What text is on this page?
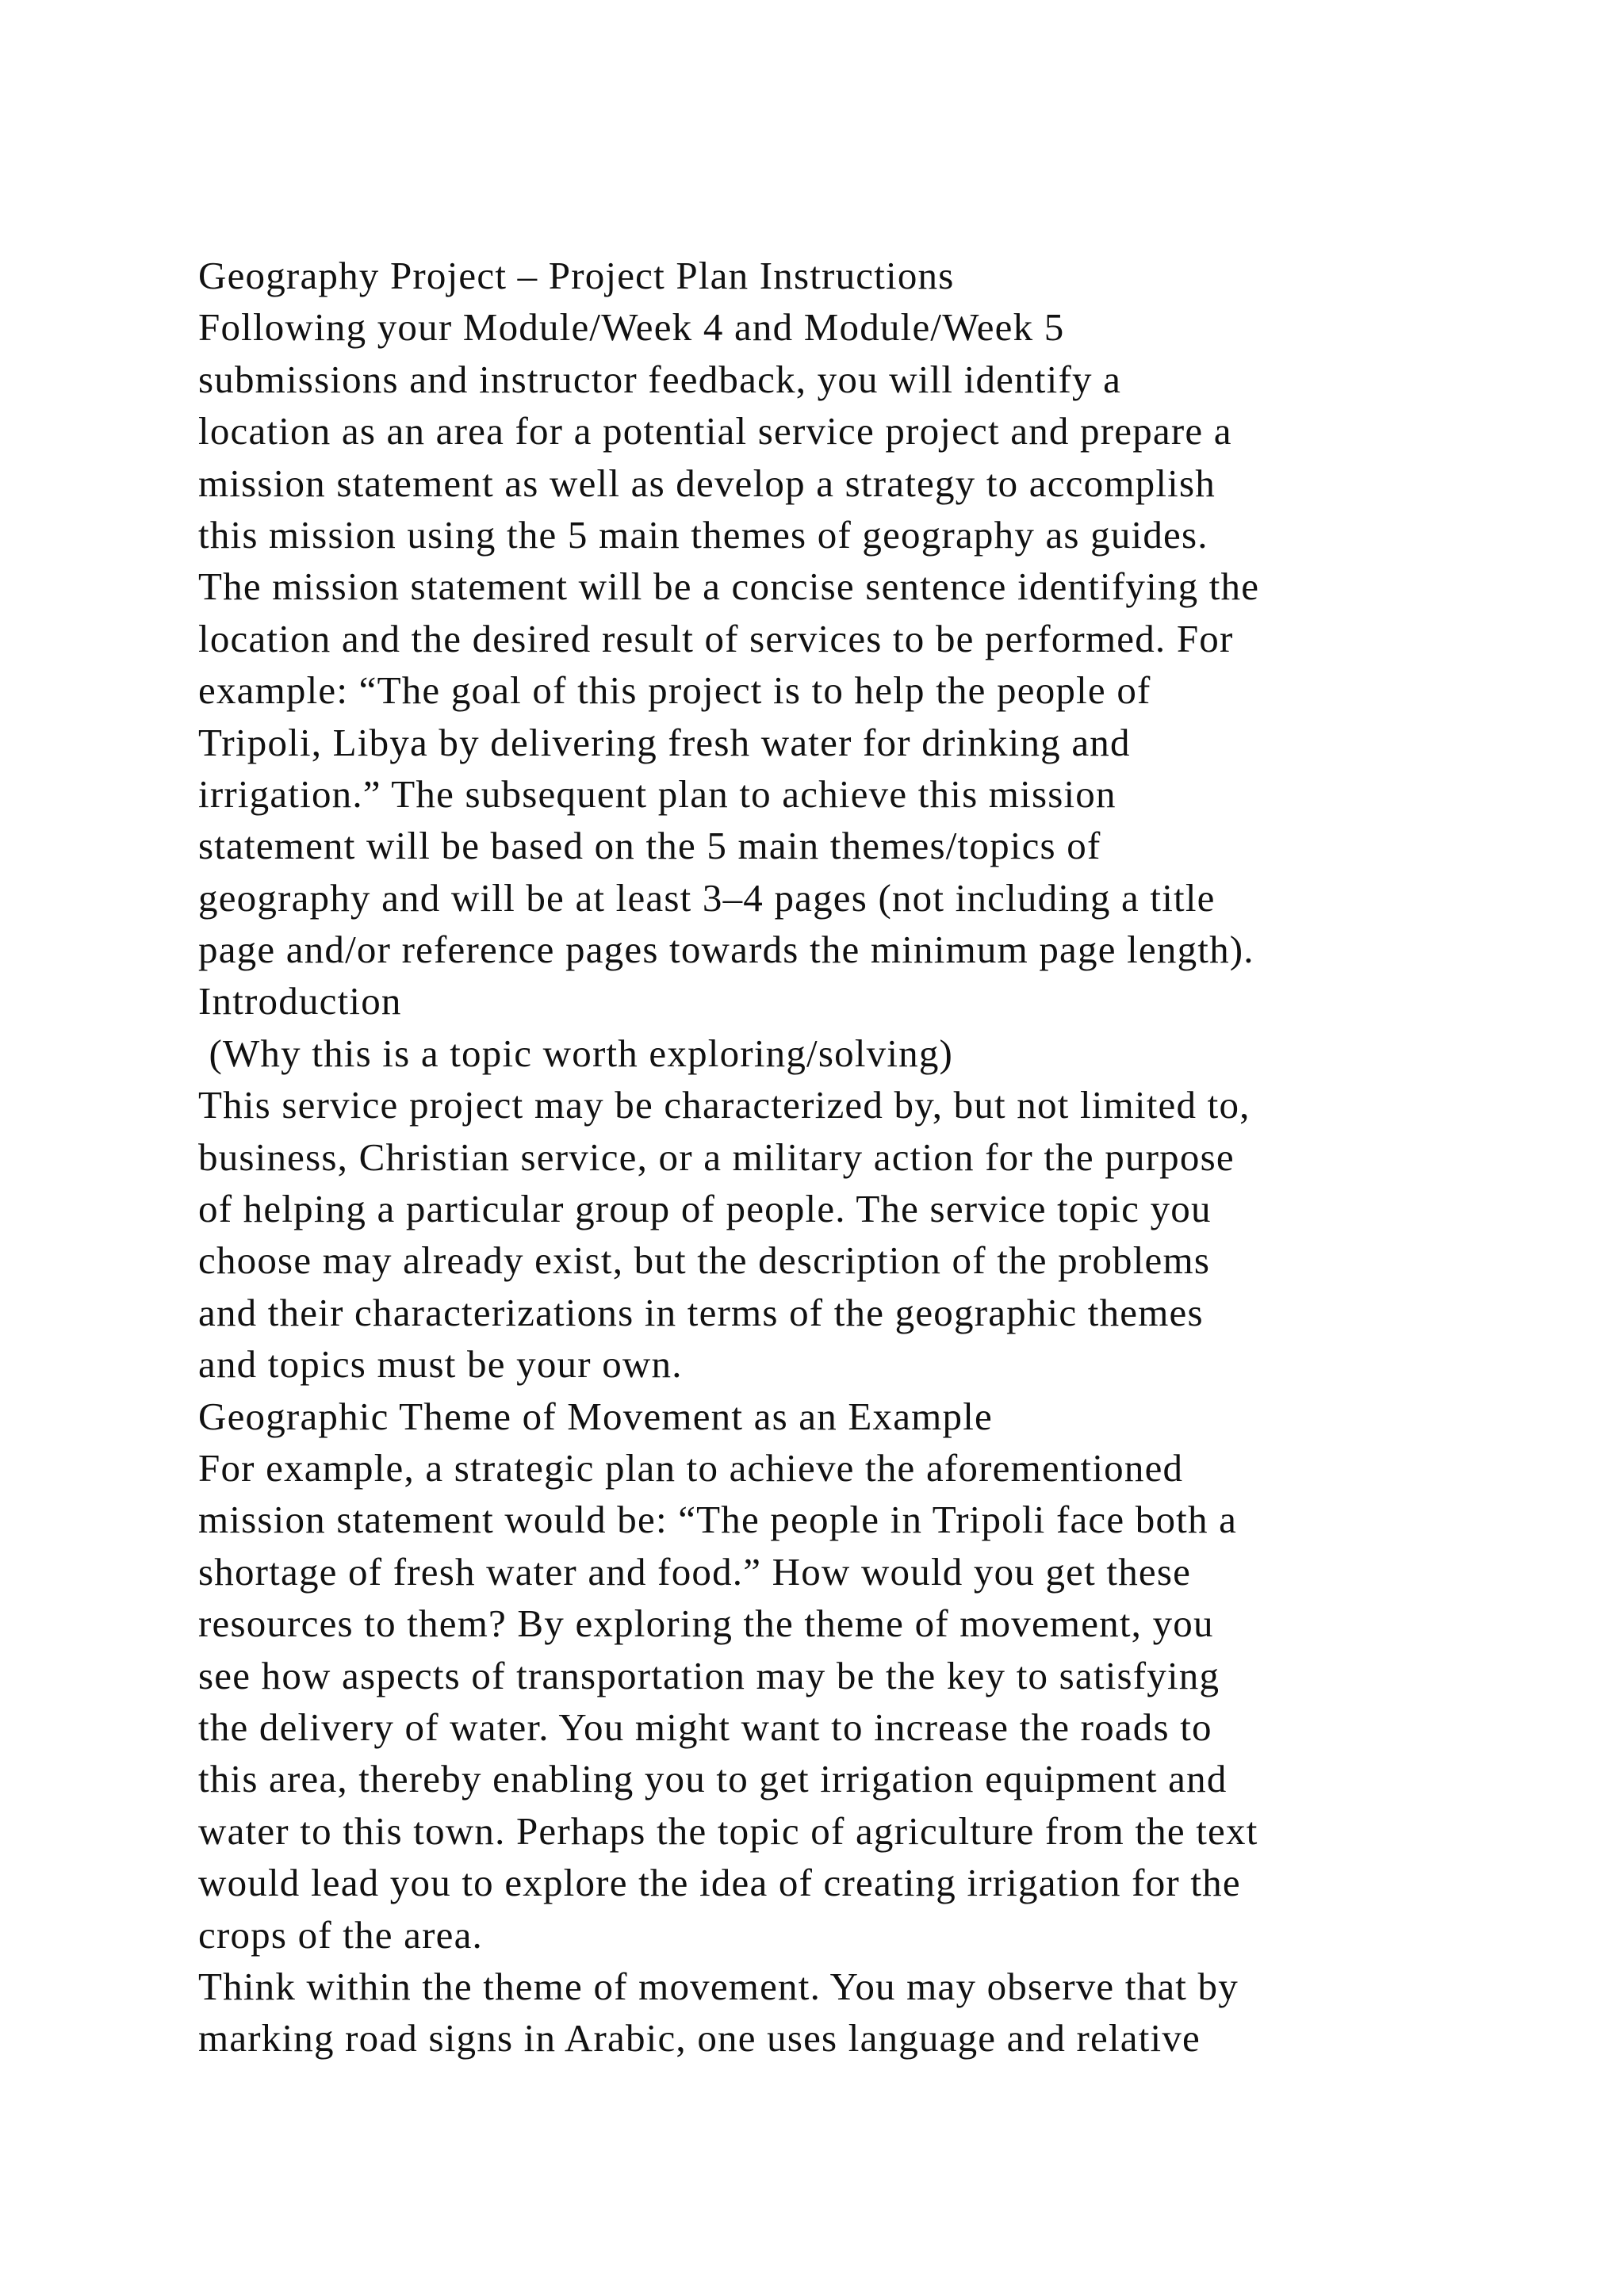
Geography Project – Project Plan Instructions
Following your Module/Week 4 and Module/Week 5
submissions and instructor feedback, you will identify a
location as an area for a potential service project and prepare a
mission statement as well as develop a strategy to accomplish
this mission using the 5 main themes of geography as guides.
The mission statement will be a concise sentence identifying the
location and the desired result of services to be performed. For
example: “The goal of this project is to help the people of
Tripoli, Libya by delivering fresh water for drinking and
irrigation.” The subsequent plan to achieve this mission
statement will be based on the 5 main themes/topics of
geography and will be at least 3–4 pages (not including a title
page and/or reference pages towards the minimum page length).
Introduction
(Why this is a topic worth exploring/solving)
This service project may be characterized by, but not limited to,
business, Christian service, or a military action for the purpose
of helping a particular group of people. The service topic you
choose may already exist, but the description of the problems
and their characterizations in terms of the geographic themes
and topics must be your own.
Geographic Theme of Movement as an Example
For example, a strategic plan to achieve the aforementioned
mission statement would be: “The people in Tripoli face both a
shortage of fresh water and food.” How would you get these
resources to them? By exploring the theme of movement, you
see how aspects of transportation may be the key to satisfying
the delivery of water. You might want to increase the roads to
this area, thereby enabling you to get irrigation equipment and
water to this town. Perhaps the topic of agriculture from the text
would lead you to explore the idea of creating irrigation for the
crops of the area.
Think within the theme of movement. You may observe that by
marking road signs in Arabic, one uses language and relative
